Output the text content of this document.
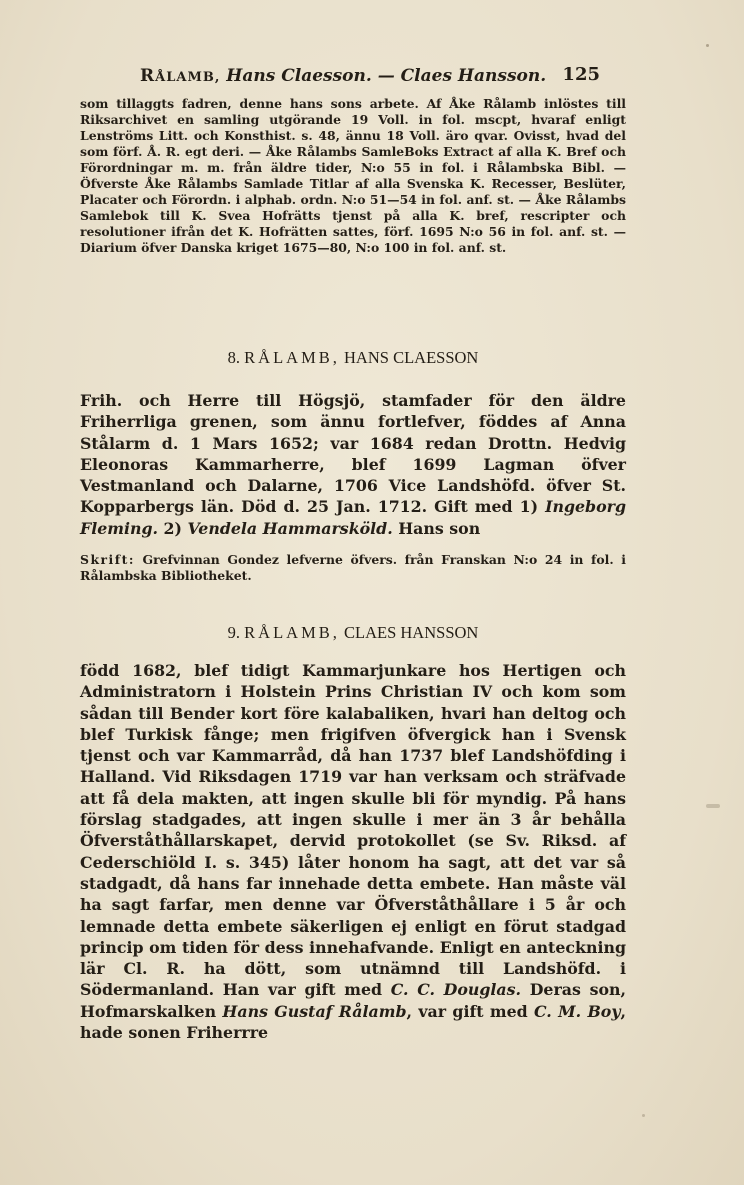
RÅLAMB, Hans Claesson. — Claes Hansson. 125

som tillaggts fadren, denne hans sons arbete. Af Åke Rålamb inlöstes till Riksarchivet en samling utgörande 19 Voll. in fol. mscpt, hvaraf enligt Lenströms Litt. och Konsthist. s. 48, ännu 18 Voll. äro qvar. Ovisst, hvad del som förf. Å. R. egt deri. — Åke Rålambs SamleBoks Extract af alla K. Bref och Förordningar m. m. från äldre tider, N:o 55 in fol. i Rålambska Bibl. — Öfverste Åke Rålambs Samlade Titlar af alla Svenska K. Recesser, Beslüter, Placater och Förordn. i alphab. ordn. N:o 51—54 in fol. anf. st. — Åke Rålambs Samlebok till K. Svea Hofrätts tjenst på alla K. bref, rescripter och resolutioner ifrån det K. Hofrätten sattes, förf. 1695 N:o 56 in fol. anf. st. — Diarium öfver Danska kriget 1675—80, N:o 100 in fol. anf. st.

8. RÅLAMB, HANS CLAESSON

Frih. och Herre till Högsjö, stamfader för den äldre Friherrliga grenen, som ännu fortlefver, föddes af Anna Stålarm d. 1 Mars 1652; var 1684 redan Drottn. Hedvig Eleonoras Kammarherre, blef 1699 Lagman öfver Vestmanland och Dalarne, 1706 Vice Landshöfd. öfver St. Kopparbergs län. Död d. 25 Jan. 1712. Gift med 1) Ingeborg Fleming. 2) Vendela Hammarsköld. Hans son

Skrift: Grefvinnan Gondez lefverne öfvers. från Franskan N:o 24 in fol. i Rålambska Bibliotheket.

9. RÅLAMB, CLAES HANSSON

född 1682, blef tidigt Kammarjunkare hos Hertigen och Administratorn i Holstein Prins Christian IV och kom som sådan till Bender kort före kalabaliken, hvari han deltog och blef Turkisk fånge; men frigifven öfvergick han i Svensk tjenst och var Kammarråd, då han 1737 blef Landshöfding i Halland. Vid Riksdagen 1719 var han verksam och sträfvade att få dela makten, att ingen skulle bli för myndig. På hans förslag stadgades, att ingen skulle i mer än 3 år behålla Öfverståthållarskapet, dervid protokollet (se Sv. Riksd. af Cederschiöld I. s. 345) låter honom ha sagt, att det var så stadgadt, då hans far innehade detta embete. Han måste väl ha sagt farfar, men denne var Öfverståthållare i 5 år och lemnade detta embete säkerligen ej enligt en förut stadgad princip om tiden för dess innehafvande. Enligt en anteckning lär Cl. R. ha dött, som utnämnd till Landshöfd. i Södermanland. Han var gift med C. C. Douglas. Deras son, Hofmarskalken Hans Gustaf Rålamb, var gift med C. M. Boy, hade sonen Friherrre
